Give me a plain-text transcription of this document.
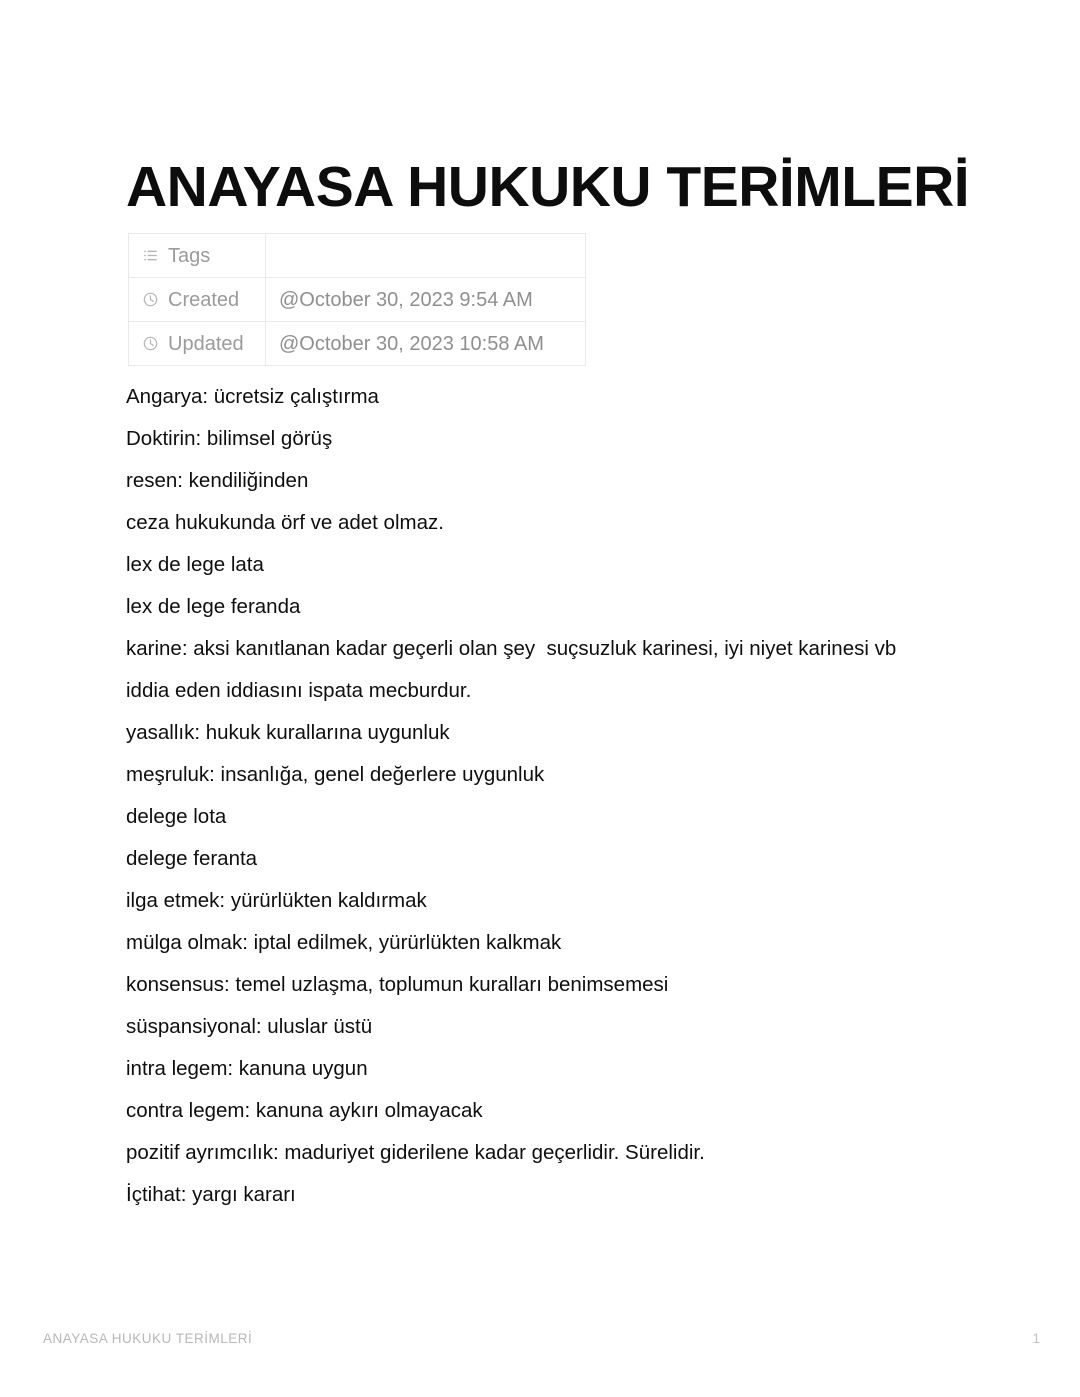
ANAYASA HUKUKU TERİMLERİ
Tags	

Created	@October 30, 2023 9:54 AM

Updated	@October 30, 2023 10:58 AM

Angarya: ücretsiz çalıştırma

Doktirin: bilimsel görüş

resen: kendiliğinden

ceza hukukunda örf ve adet olmaz.

lex de lege lata

lex de lege feranda

karine: aksi kanıtlanan kadar geçerli olan şey  suçsuzluk karinesi, iyi niyet karinesi vb

iddia eden iddiasını ispata mecburdur.

yasallık: hukuk kurallarına uygunluk

meşruluk: insanlığa, genel değerlere uygunluk

delege lota

delege feranta

ilga etmek: yürürlükten kaldırmak

mülga olmak: iptal edilmek, yürürlükten kalkmak

konsensus: temel uzlaşma, toplumun kuralları benimsemesi

süspansiyonal: uluslar üstü

intra legem: kanuna uygun

contra legem: kanuna aykırı olmayacak

pozitif ayrımcılık: maduriyet giderilene kadar geçerlidir. Sürelidir.

İçtihat: yargı kararı

ANAYASA HUKUKU TERİMLERİ	1
